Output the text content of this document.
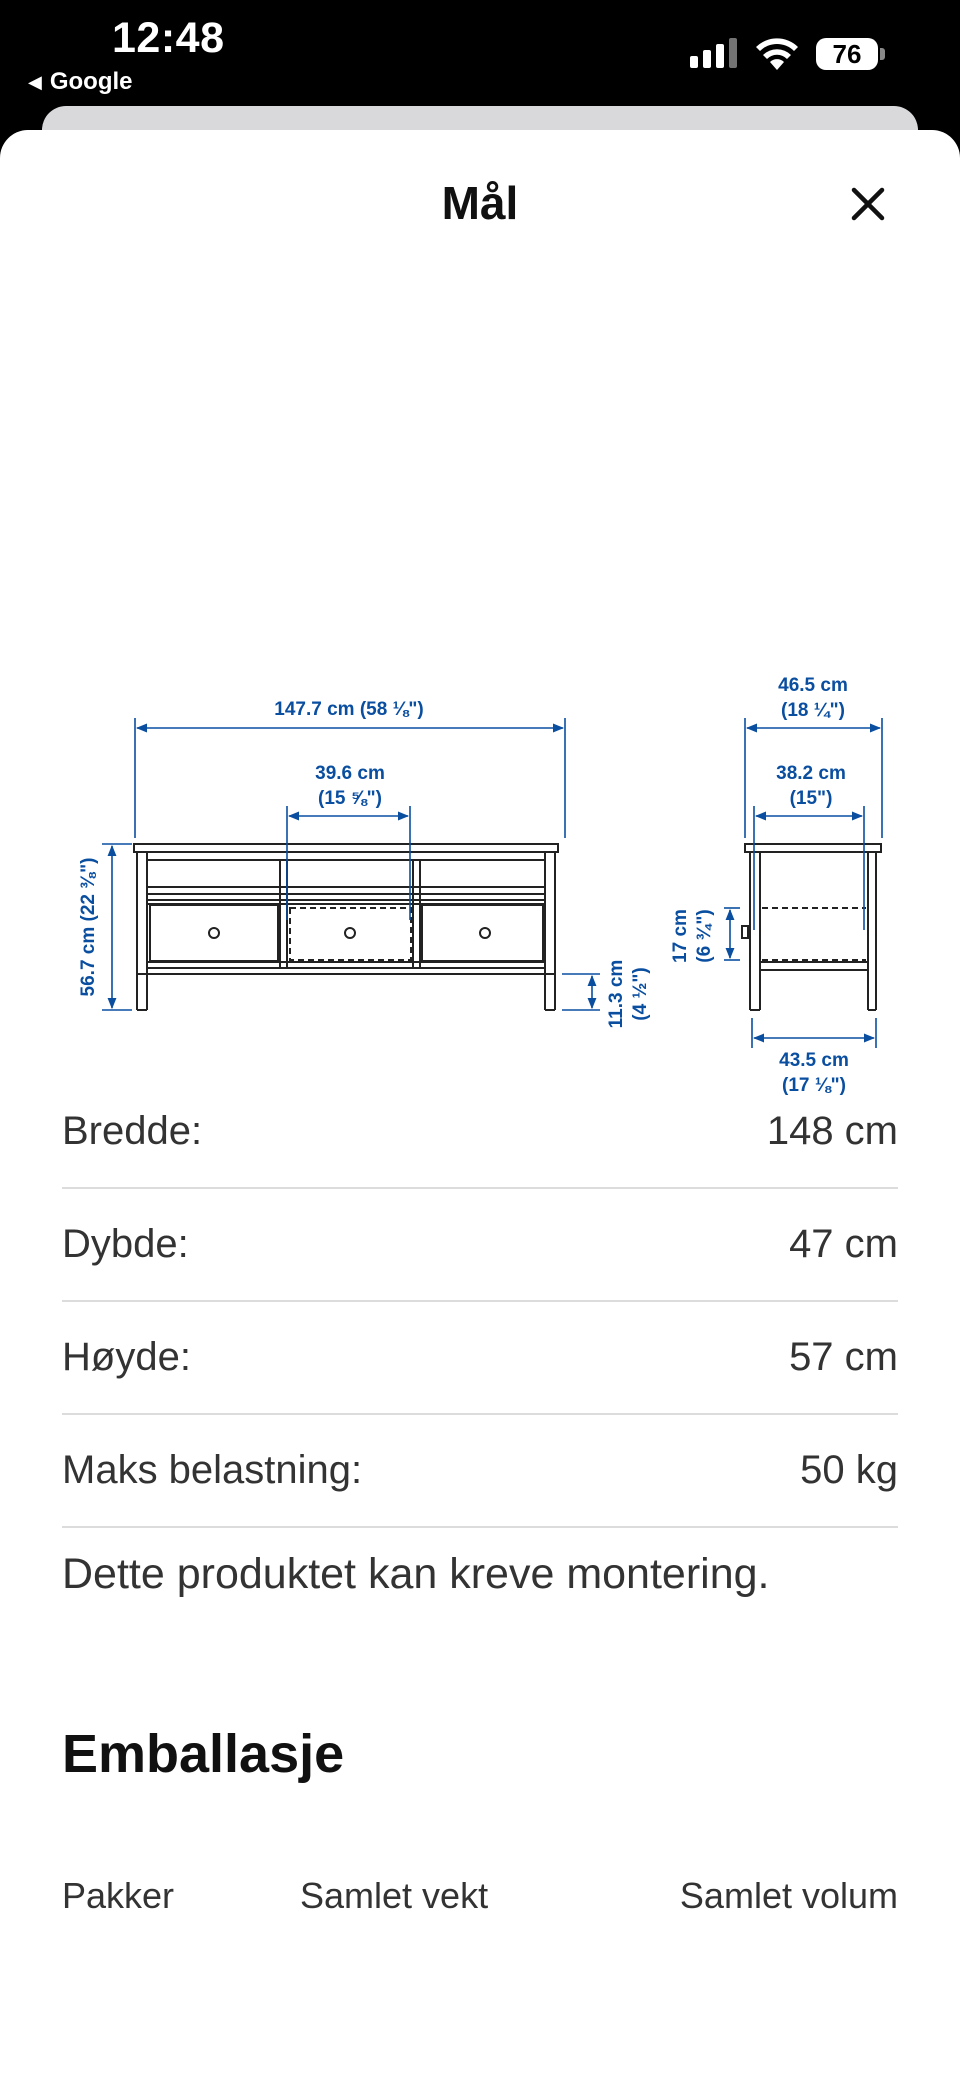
12:48
◀ Google
76
Mål
147.7 cm (58 ⅛")
39.6 cm
(15 ⅝")
56.7 cm (22 ⅜")	11.3 cm (4 ½")
46.5 cm
(18 ¼")
38.2 cm
(15")
17 cm (6 ¾")
43.5 cm
(17 ⅛")
Bredde:	148 cm
Dybde:	47 cm
Høyde:	57 cm
Maks belastning:	50 kg
Dette produktet kan kreve montering.
Emballasje
Pakker	Samlet vekt	Samlet volum
